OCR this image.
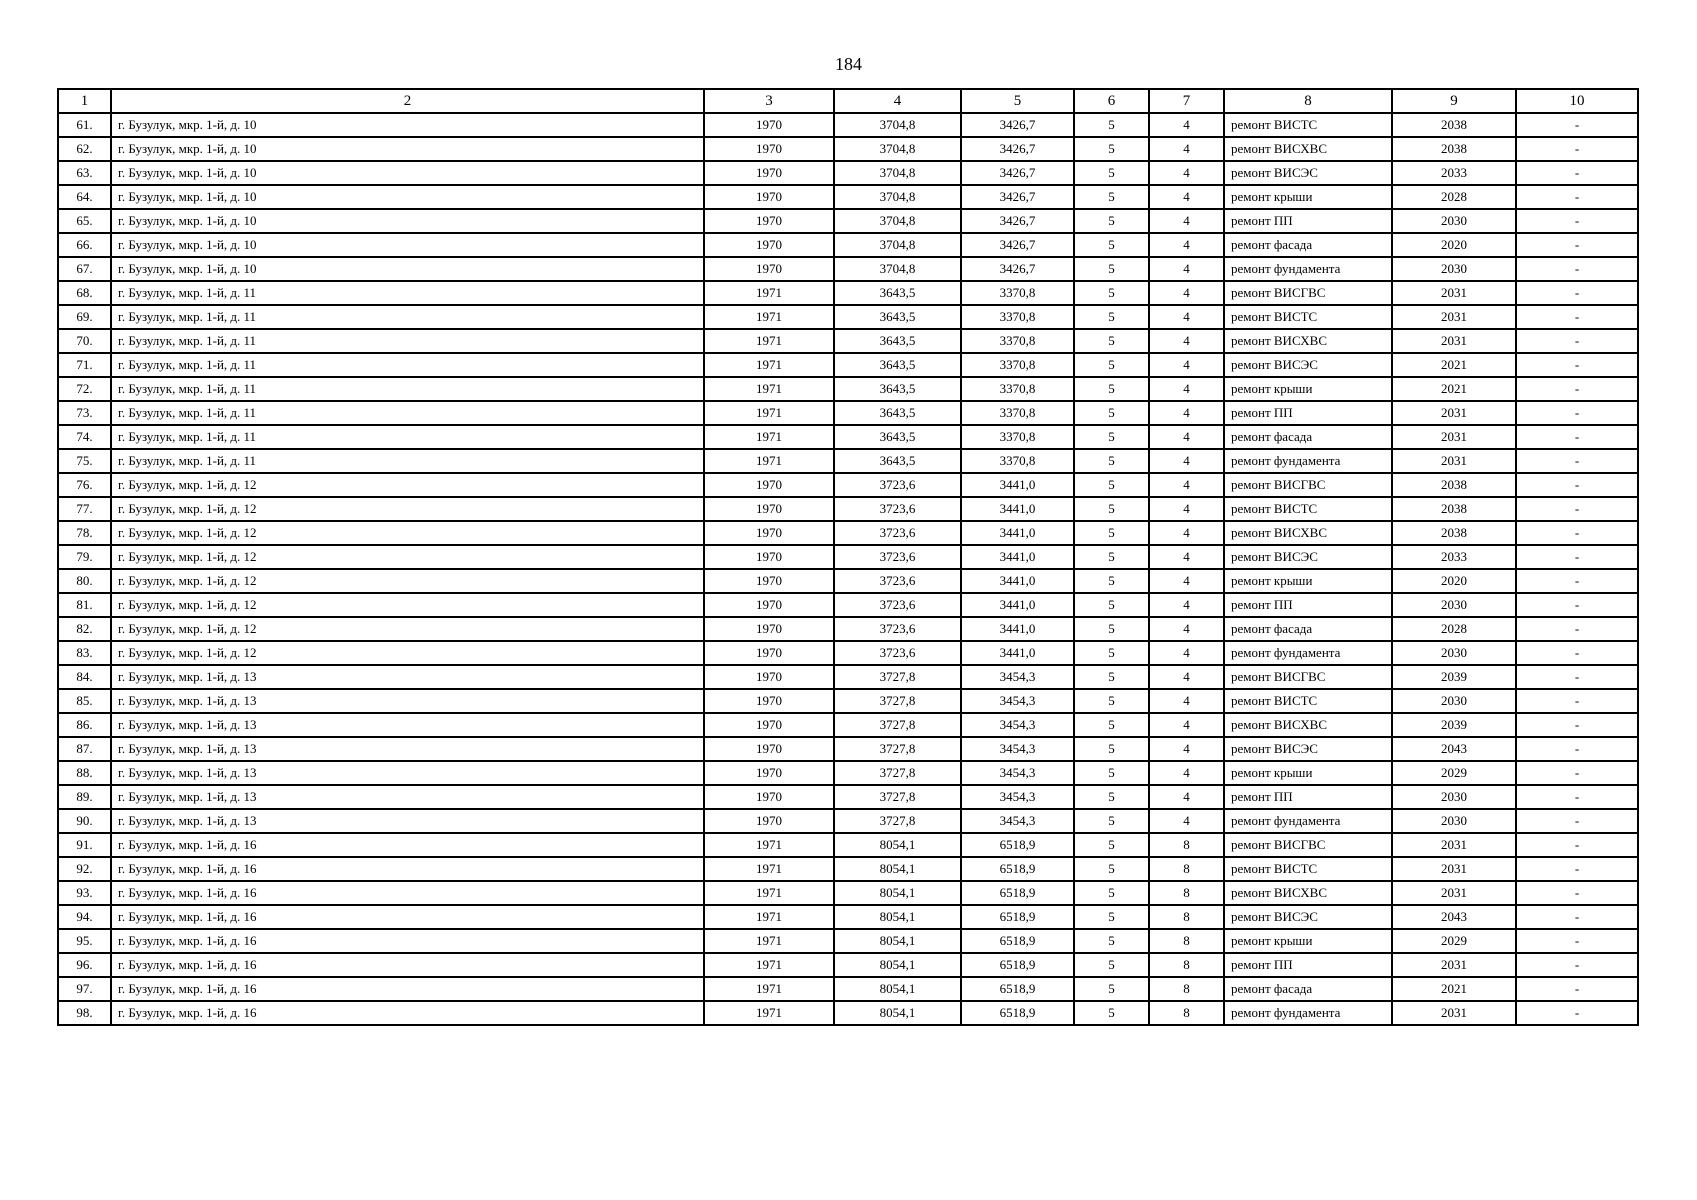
184
1	2	3	4	5	6	7	8	9	10
61.	г. Бузулук, мкр. 1-й, д. 10	1970	3704,8	3426,7	5	4	ремонт ВИСТС	2038	-
62.	г. Бузулук, мкр. 1-й, д. 10	1970	3704,8	3426,7	5	4	ремонт ВИСХВС	2038	-
63.	г. Бузулук, мкр. 1-й, д. 10	1970	3704,8	3426,7	5	4	ремонт ВИСЭС	2033	-
64.	г. Бузулук, мкр. 1-й, д. 10	1970	3704,8	3426,7	5	4	ремонт крыши	2028	-
65.	г. Бузулук, мкр. 1-й, д. 10	1970	3704,8	3426,7	5	4	ремонт ПП	2030	-
66.	г. Бузулук, мкр. 1-й, д. 10	1970	3704,8	3426,7	5	4	ремонт фасада	2020	-
67.	г. Бузулук, мкр. 1-й, д. 10	1970	3704,8	3426,7	5	4	ремонт фундамента	2030	-
68.	г. Бузулук, мкр. 1-й, д. 11	1971	3643,5	3370,8	5	4	ремонт ВИСГВС	2031	-
69.	г. Бузулук, мкр. 1-й, д. 11	1971	3643,5	3370,8	5	4	ремонт ВИСТС	2031	-
70.	г. Бузулук, мкр. 1-й, д. 11	1971	3643,5	3370,8	5	4	ремонт ВИСХВС	2031	-
71.	г. Бузулук, мкр. 1-й, д. 11	1971	3643,5	3370,8	5	4	ремонт ВИСЭС	2021	-
72.	г. Бузулук, мкр. 1-й, д. 11	1971	3643,5	3370,8	5	4	ремонт крыши	2021	-
73.	г. Бузулук, мкр. 1-й, д. 11	1971	3643,5	3370,8	5	4	ремонт ПП	2031	-
74.	г. Бузулук, мкр. 1-й, д. 11	1971	3643,5	3370,8	5	4	ремонт фасада	2031	-
75.	г. Бузулук, мкр. 1-й, д. 11	1971	3643,5	3370,8	5	4	ремонт фундамента	2031	-
76.	г. Бузулук, мкр. 1-й, д. 12	1970	3723,6	3441,0	5	4	ремонт ВИСГВС	2038	-
77.	г. Бузулук, мкр. 1-й, д. 12	1970	3723,6	3441,0	5	4	ремонт ВИСТС	2038	-
78.	г. Бузулук, мкр. 1-й, д. 12	1970	3723,6	3441,0	5	4	ремонт ВИСХВС	2038	-
79.	г. Бузулук, мкр. 1-й, д. 12	1970	3723,6	3441,0	5	4	ремонт ВИСЭС	2033	-
80.	г. Бузулук, мкр. 1-й, д. 12	1970	3723,6	3441,0	5	4	ремонт крыши	2020	-
81.	г. Бузулук, мкр. 1-й, д. 12	1970	3723,6	3441,0	5	4	ремонт ПП	2030	-
82.	г. Бузулук, мкр. 1-й, д. 12	1970	3723,6	3441,0	5	4	ремонт фасада	2028	-
83.	г. Бузулук, мкр. 1-й, д. 12	1970	3723,6	3441,0	5	4	ремонт фундамента	2030	-
84.	г. Бузулук, мкр. 1-й, д. 13	1970	3727,8	3454,3	5	4	ремонт ВИСГВС	2039	-
85.	г. Бузулук, мкр. 1-й, д. 13	1970	3727,8	3454,3	5	4	ремонт ВИСТС	2030	-
86.	г. Бузулук, мкр. 1-й, д. 13	1970	3727,8	3454,3	5	4	ремонт ВИСХВС	2039	-
87.	г. Бузулук, мкр. 1-й, д. 13	1970	3727,8	3454,3	5	4	ремонт ВИСЭС	2043	-
88.	г. Бузулук, мкр. 1-й, д. 13	1970	3727,8	3454,3	5	4	ремонт крыши	2029	-
89.	г. Бузулук, мкр. 1-й, д. 13	1970	3727,8	3454,3	5	4	ремонт ПП	2030	-
90.	г. Бузулук, мкр. 1-й, д. 13	1970	3727,8	3454,3	5	4	ремонт фундамента	2030	-
91.	г. Бузулук, мкр. 1-й, д. 16	1971	8054,1	6518,9	5	8	ремонт ВИСГВС	2031	-
92.	г. Бузулук, мкр. 1-й, д. 16	1971	8054,1	6518,9	5	8	ремонт ВИСТС	2031	-
93.	г. Бузулук, мкр. 1-й, д. 16	1971	8054,1	6518,9	5	8	ремонт ВИСХВС	2031	-
94.	г. Бузулук, мкр. 1-й, д. 16	1971	8054,1	6518,9	5	8	ремонт ВИСЭС	2043	-
95.	г. Бузулук, мкр. 1-й, д. 16	1971	8054,1	6518,9	5	8	ремонт крыши	2029	-
96.	г. Бузулук, мкр. 1-й, д. 16	1971	8054,1	6518,9	5	8	ремонт ПП	2031	-
97.	г. Бузулук, мкр. 1-й, д. 16	1971	8054,1	6518,9	5	8	ремонт фасада	2021	-
98.	г. Бузулук, мкр. 1-й, д. 16	1971	8054,1	6518,9	5	8	ремонт фундамента	2031	-
